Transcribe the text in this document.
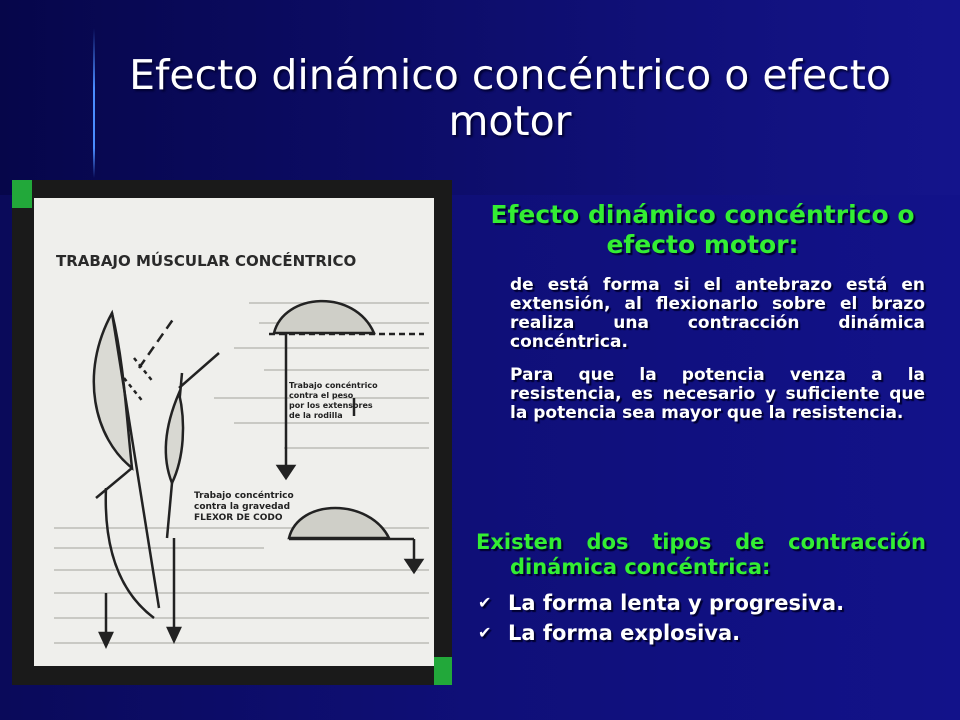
Efecto dinámico concéntrico o efecto motor
TRABAJO MÚSCULAR CONCÉNTRICO
Trabajo concéntrico contra la gravedad FLEXOR DE CODO
Trabajo concéntrico contra el peso por los extensores de la rodilla
Efecto dinámico concéntrico o efecto motor:

de está forma si el antebrazo está en extensión, al flexionarlo sobre el brazo realiza una contracción dinámica concéntrica.

Para que la potencia venza a la resistencia, es necesario y suficiente que la potencia sea mayor que la resistencia.

Existen dos tipos de contracción
dinámica concéntrica:
✔ La forma lenta y progresiva.
✔ La forma explosiva.
